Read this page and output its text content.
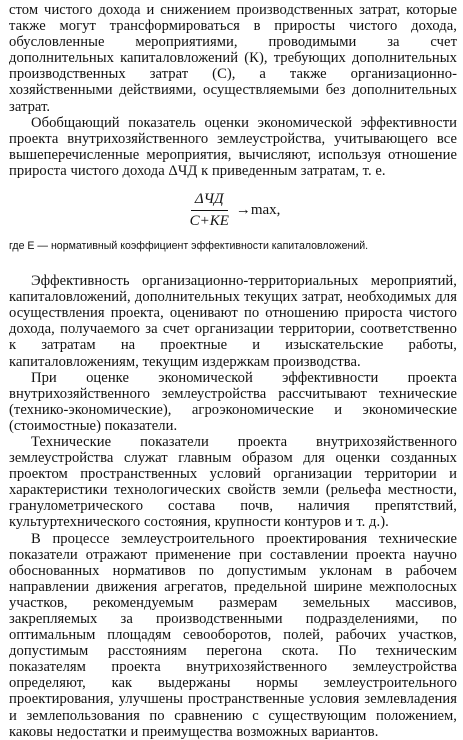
стом чистого дохода и снижением производственных затрат, которые также могут трансформироваться в приросты чистого дохода, обусловленные мероприятиями, проводимыми за счет дополнительных капиталовложений (К), требующих дополнительных производственных затрат (С), а также организационно-хозяйственными действиями, осуществляемыми без дополнительных затрат.

Обобщающий показатель оценки экономической эффективности проекта внутрихозяйственного землеустройства, учитывающего все вышеперечисленные мероприятия, вычисляют, используя отношение прироста чистого дохода ΔЧД к приведенным затратам, т. е.

$\frac{\text{ΔЧД}}{C+KE} \to\max$,

где E — нормативный коэффициент эффективности капиталовложений.

Эффективность организационно-территориальных мероприятий, капиталовложений, дополнительных текущих затрат, необходимых для осуществления проекта, оценивают по отношению прироста чистого дохода, получаемого за счет организации территории, соответственно к затратам на проектные и изыскательские работы, капиталовложениям, текущим издержкам производства.

При оценке экономической эффективности проекта внутрихозяйственного землеустройства рассчитывают технические (технико-экономические), агроэкономические и экономические (стоимостные) показатели.

Технические показатели проекта внутрихозяйственного землеустройства служат главным образом для оценки созданных проектом пространственных условий организации территории и характеристики технологических свойств земли (рельефа местности, гранулометрического состава почв, наличия препятствий, культуртехнического состояния, крупности контуров и т. д.).

В процессе землеустроительного проектирования технические показатели отражают применение при составлении проекта научно обоснованных нормативов по допустимым уклонам в рабочем направлении движения агрегатов, предельной ширине межполосных участков, рекомендуемым размерам земельных массивов, закрепляемых за производственными подразделениями, по оптимальным площадям севооборотов, полей, рабочих участков, допустимым расстояниям перегона скота. По техническим показателям проекта внутрихозяйственного землеустройства определяют, как выдержаны нормы землеустроительного проектирования, улучшены пространственные условия землевладения и землепользования по сравнению с существующим положением, каковы недостатки и преимущества возможных вариантов.
